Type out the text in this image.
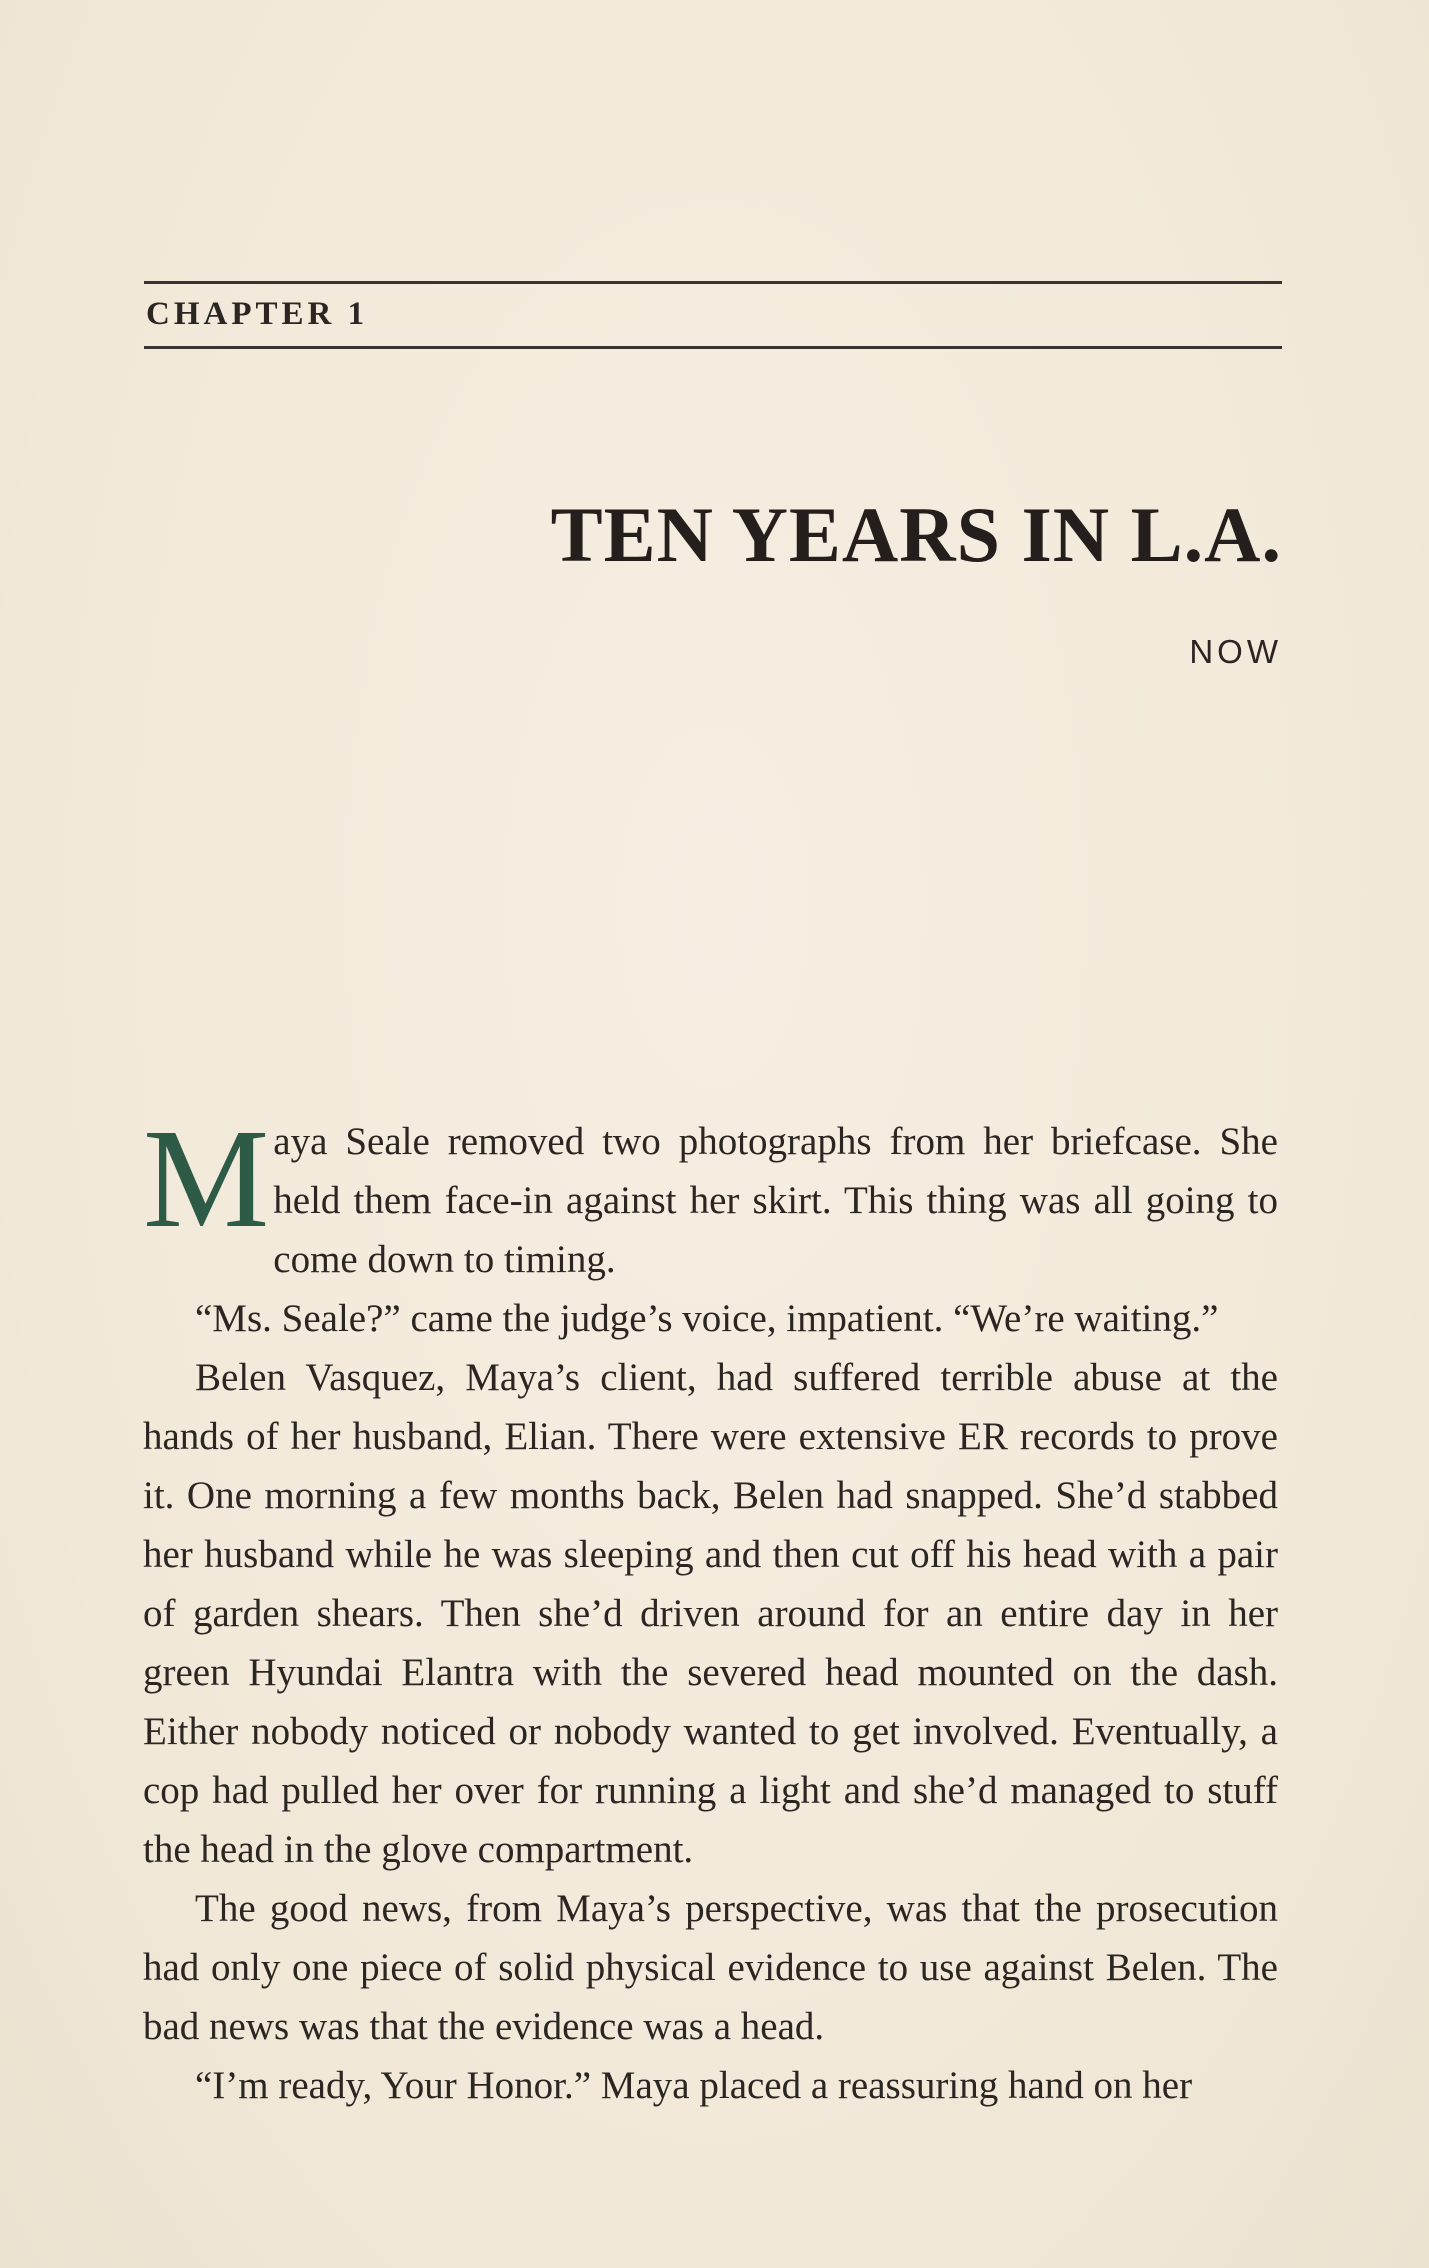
CHAPTER 1
TEN YEARS IN L.A.
NOW

Maya Seale removed two photographs from her briefcase. She held them face-in against her skirt. This thing was all going to come down to timing.

“Ms. Seale?” came the judge’s voice, impatient. “We’re waiting.”

Belen Vasquez, Maya’s client, had suffered terrible abuse at the hands of her husband, Elian. There were extensive ER records to prove it. One morning a few months back, Belen had snapped. She’d stabbed her husband while he was sleeping and then cut off his head with a pair of garden shears. Then she’d driven around for an entire day in her green Hyundai Elantra with the severed head mounted on the dash. Either nobody noticed or nobody wanted to get involved. Eventually, a cop had pulled her over for running a light and she’d managed to stuff the head in the glove compartment.

The good news, from Maya’s perspective, was that the prosecution had only one piece of solid physical evidence to use against Belen. The bad news was that the evidence was a head.

“I’m ready, Your Honor.” Maya placed a reassuring hand on her
